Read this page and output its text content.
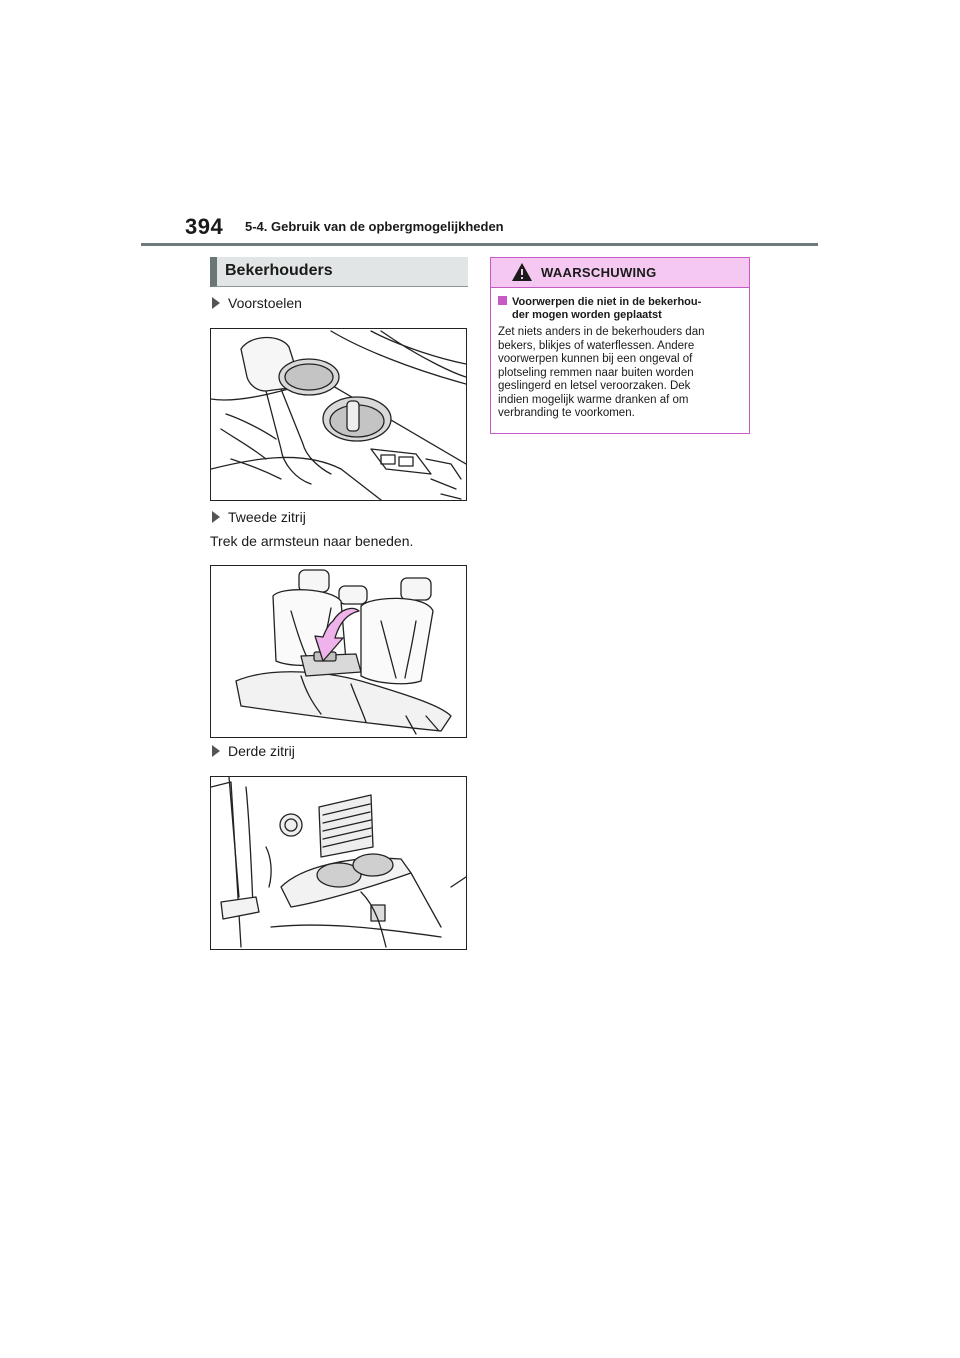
394 5-4. Gebruik van de opbergmogelijkheden
Bekerhouders
Voorstoelen
Tweede zitrij
Trek de armsteun naar beneden.
Derde zitrij
WAARSCHUWING
Voorwerpen die niet in de bekerhou-
der mogen worden geplaatst
Zet niets anders in de bekerhouders dan
bekers, blikjes of waterflessen. Andere
voorwerpen kunnen bij een ongeval of
plotseling remmen naar buiten worden
geslingerd en letsel veroorzaken. Dek
indien mogelijk warme dranken af om
verbranding te voorkomen.
